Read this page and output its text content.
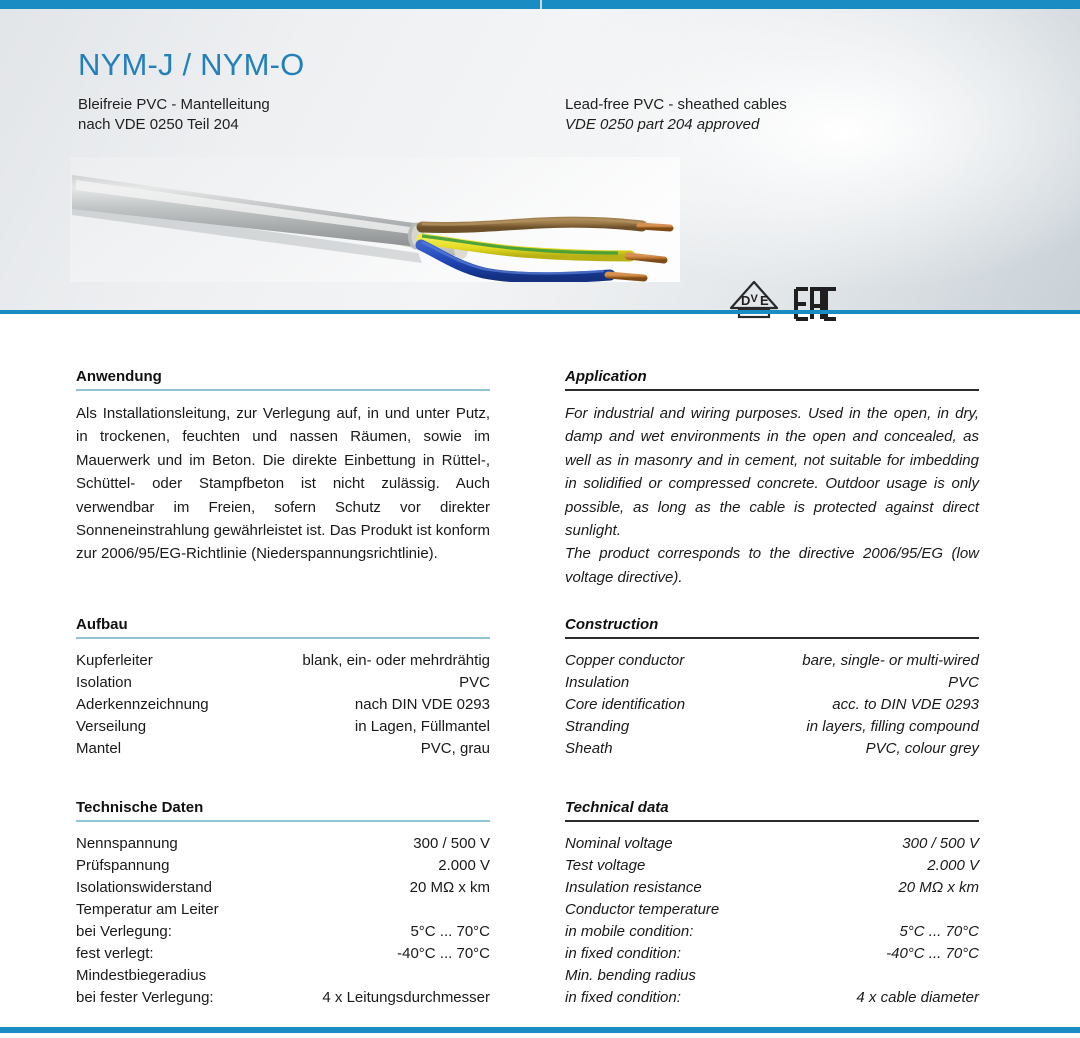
NYM-J / NYM-O
Bleifreie PVC - Mantelleitung
nach VDE 0250 Teil 204
Lead-free PVC - sheathed cables
VDE 0250 part 204 approved
D V E
Anwendung
Als Installationsleitung, zur Verlegung auf, in und unter Putz, in trockenen, feuchten und nassen Räumen, sowie im Mauerwerk und im Beton. Die direkte Einbettung in Rüttel-, Schüttel- oder Stampfbeton ist nicht zulässig. Auch verwendbar im Freien, sofern Schutz vor direkter Sonneneinstrahlung gewährleistet ist. Das Produkt ist konform zur 2006/95/EG-Richtlinie (Niederspannungsrichtlinie).
Aufbau
Kupferleiter	blank, ein- oder mehrdrähtig
Isolation	PVC
Aderkennzeichnung	nach DIN VDE 0293
Verseilung	in Lagen, Füllmantel
Mantel	PVC, grau
Technische Daten
Nennspannung	300 / 500 V
Prüfspannung	2.000 V
Isolationswiderstand	20 MΩ x km
Temperatur am Leiter
bei Verlegung:	5°C ... 70°C
fest verlegt:	-40°C ... 70°C
Mindestbiegeradius
bei fester Verlegung:	4 x Leitungsdurchmesser
Application
For industrial and wiring purposes. Used in the open, in dry, damp and wet environments in the open and concealed, as well as in masonry and in cement, not suitable for imbedding in solidified or compressed concrete. Outdoor usage is only possible, as long as the cable is protected against direct sunlight.
The product corresponds to the directive 2006/95/EG (low voltage directive).
Construction
Copper conductor	bare, single- or multi-wired
Insulation	PVC
Core identification	acc. to DIN VDE 0293
Stranding	in layers, filling compound
Sheath	PVC, colour grey
Technical data
Nominal voltage	300 / 500 V
Test voltage	2.000 V
Insulation resistance	20 MΩ x km
Conductor temperature
in mobile condition:	5°C ... 70°C
in fixed condition:	-40°C ... 70°C
Min. bending radius
in fixed condition:	4 x cable diameter
